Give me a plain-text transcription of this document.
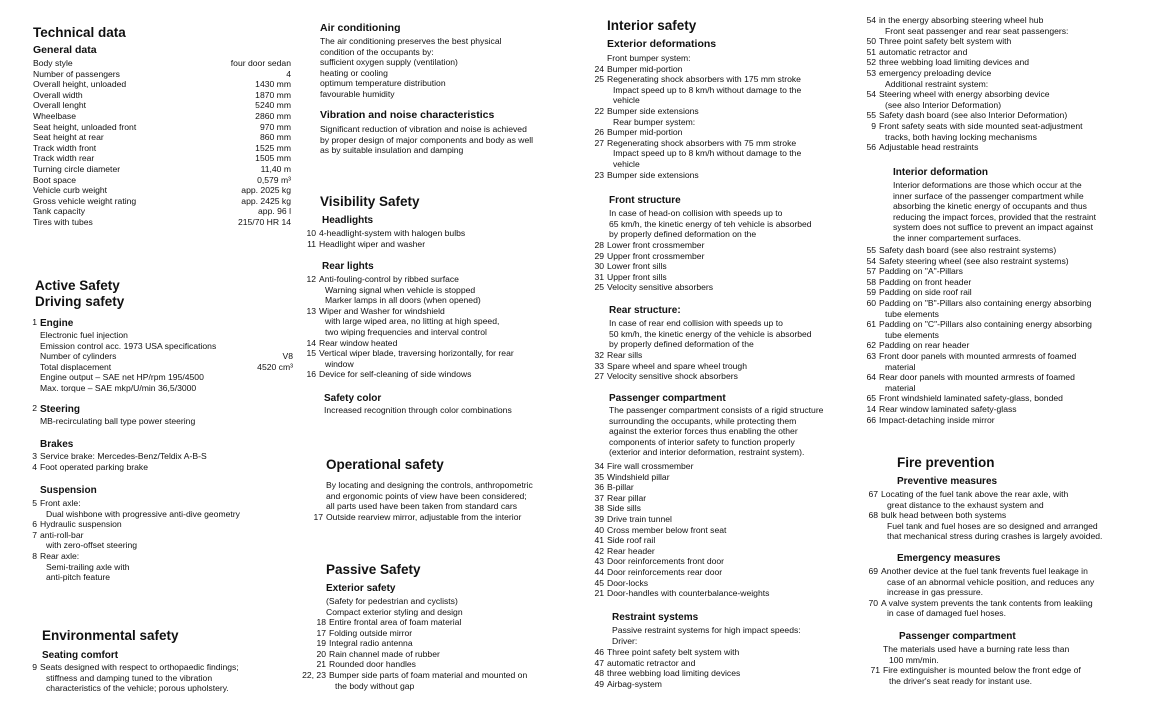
Technical data
General data
Body style	four door sedan
Number of passengers	4
Overall height, unloaded	1430 mm
Overall width	1870 mm
Overall lenght	5240 mm
Wheelbase	2860 mm
Seat height, unloaded front	970 mm
Seat height at rear	860 mm
Track width front	1525 mm
Track width rear	1505 mm
Turning circle diameter	11,40 m
Boot space	0,579 m³
Vehicle curb weight	app. 2025 kg
Gross vehicle weight rating	app. 2425 kg
Tank capacity	app. 96 l
Tires with tubes	215/70 HR 14
Active Safety
Driving safety
1 Engine
Electronic fuel injection
Emission control acc. 1973 USA specifications
Number of cylinders	V8
Total displacement	4520 cm³
Engine output – SAE net HP/rpm 195/4500
Max. torque – SAE mkp/U/min 36,5/3000
2 Steering
MB-recirculating ball type power steering
Brakes
3 Service brake: Mercedes-Benz/Teldix A-B-S
4 Foot operated parking brake
Suspension
5 Front axle:
Dual wishbone with progressive anti-dive geometry
6 Hydraulic suspension
7 anti-roll-bar
with zero-offset steering
8 Rear axle:
Semi-trailing axle with
anti-pitch feature
Environmental safety
Seating comfort
9 Seats designed with respect to orthopaedic findings;
stiffness and damping tuned to the vibration
characteristics of the vehicle; porous upholstery.
Air conditioning
The air conditioning preserves the best physical
condition of the occupants by:
sufficient oxygen supply (ventilation)
heating or cooling
optimum temperature distribution
favourable humidity
Vibration and noise characteristics
Significant reduction of vibration and noise is achieved
by proper design of major components and body as well
as by suitable insulation and damping
Visibility Safety
Headlights
10 4-headlight-system with halogen bulbs
11 Headlight wiper and washer
Rear lights
12 Anti-fouling-control by ribbed surface
Warning signal when vehicle is stopped
Marker lamps in all doors (when opened)
13 Wiper and Washer for windshield
with large wiped area, no litting at high speed,
two wiping frequencies and interval control
14 Rear window heated
15 Vertical wiper blade, traversing horizontally, for rear
window
16 Device for self-cleaning of side windows
Safety color
Increased recognition through color combinations
Operational safety
By locating and designing the controls, anthropometric
and ergonomic points of view have been considered;
all parts used have been taken from standard cars
17 Outside rearview mirror, adjustable from the interior
Passive Safety
Exterior safety
(Safety for pedestrian and cyclists)
Compact exterior styling and design
18 Entire frontal area of foam material
17 Folding outside mirror
19 Integral radio antenna
20 Rain channel made of rubber
21 Rounded door handles
22, 23 Bumper side parts of foam material and mounted on
the body without gap
Interior safety
Exterior deformations
Front bumper system:
24 Bumper mid-portion
25 Regenerating shock absorbers with 175 mm stroke
Impact speed up to 8 km/h without damage to the
vehicle
22 Bumper side extensions
Rear bumper system:
26 Bumper mid-portion
27 Regenerating shock absorbers with 75 mm stroke
Impact speed up to 8 km/h without damage to the
vehicle
23 Bumper side extensions
Front structure
In case of head-on collision with speeds up to
65 km/h, the kinetic energy of teh vehicle is absorbed
by properly defined deformation on the
28 Lower front crossmember
29 Upper front crossmember
30 Lower front sills
31 Upper front sills
25 Velocity sensitive absorbers
Rear structure:
In case of rear end collision with speeds up to
50 km/h, the kinetic energy of the vehicle is absorbed
by properly defined deformation of the
32 Rear sills
33 Spare wheel and spare wheel trough
27 Velocity sensitive shock absorbers
Passenger compartment
The passenger compartment consists of a rigid structure
surrounding the occupants, while protecting them
against the exterior forces thus enabling the other
components of interior safety to function properly
(exterior and interior deformation, restraint system).
34 Fire wall crossmember
35 Windshield pillar
36 B-pillar
37 Rear pillar
38 Side sills
39 Drive train tunnel
40 Cross member below front seat
41 Side roof rail
42 Rear header
43 Door reinforcements front door
44 Door reinforcements rear door
45 Door-locks
21 Door-handles with counterbalance-weights
Restraint systems
Passive restraint systems for high impact speeds:
Driver:
46 Three point safety belt system with
47 automatic retractor and
48 three webbing load limiting devices
49 Airbag-system
54 in the energy absorbing steering wheel hub
Front seat passenger and rear seat passengers:
50 Three point safety belt system with
51 automatic retractor and
52 three webbing load limiting devices and
53 emergency preloading device
Additional restraint system:
54 Steering wheel with energy absorbing device
(see also Interior Deformation)
55 Safety dash board (see also Interior Deformation)
9 Front safety seats with side mounted seat-adjustment
tracks, both having locking mechanisms
56 Adjustable head restraints
Interior deformation
Interior deformations are those which occur at the
inner surface of the passenger compartment while
absorbing the kinetic energy of occupants and thus
reducing the impact forces, provided that the restraint
system does not suffice to prevent an impact against
the inner compartement surfaces.
55 Safety dash board (see also restraint systems)
54 Safety steering wheel (see also restraint systems)
57 Padding on "A"-Pillars
58 Padding on front header
59 Padding on side roof rail
60 Padding on "B"-Pillars also containing energy absorbing
tube elements
61 Padding on "C"-Pillars also containing energy absorbing
tube elements
62 Padding on rear header
63 Front door panels with mounted armrests of foamed
material
64 Rear door panels with mounted armrests of foamed
material
65 Front windshield laminated safety-glass, bonded
14 Rear window laminated safety-glass
66 Impact-detaching inside mirror
Fire prevention
Preventive measures
67 Locating of the fuel tank above the rear axle, with
great distance to the exhaust system and
68 bulk head between both systems
Fuel tank and fuel hoses are so designed and arranged
that mechanical stress during crashes is largely avoided.
Emergency measures
69 Another device at the fuel tank frevents fuel leakage in
case of an abnormal vehicle position, and reduces any
increase in gas pressure.
70 A valve system prevents the tank contents from leakiing
in case of damaged fuel hoses.
Passenger compartment
The materials used have a burning rate less than
100 mm/min.
71 Fire extinguisher is mounted below the front edge of
the driver's seat ready for instant use.
